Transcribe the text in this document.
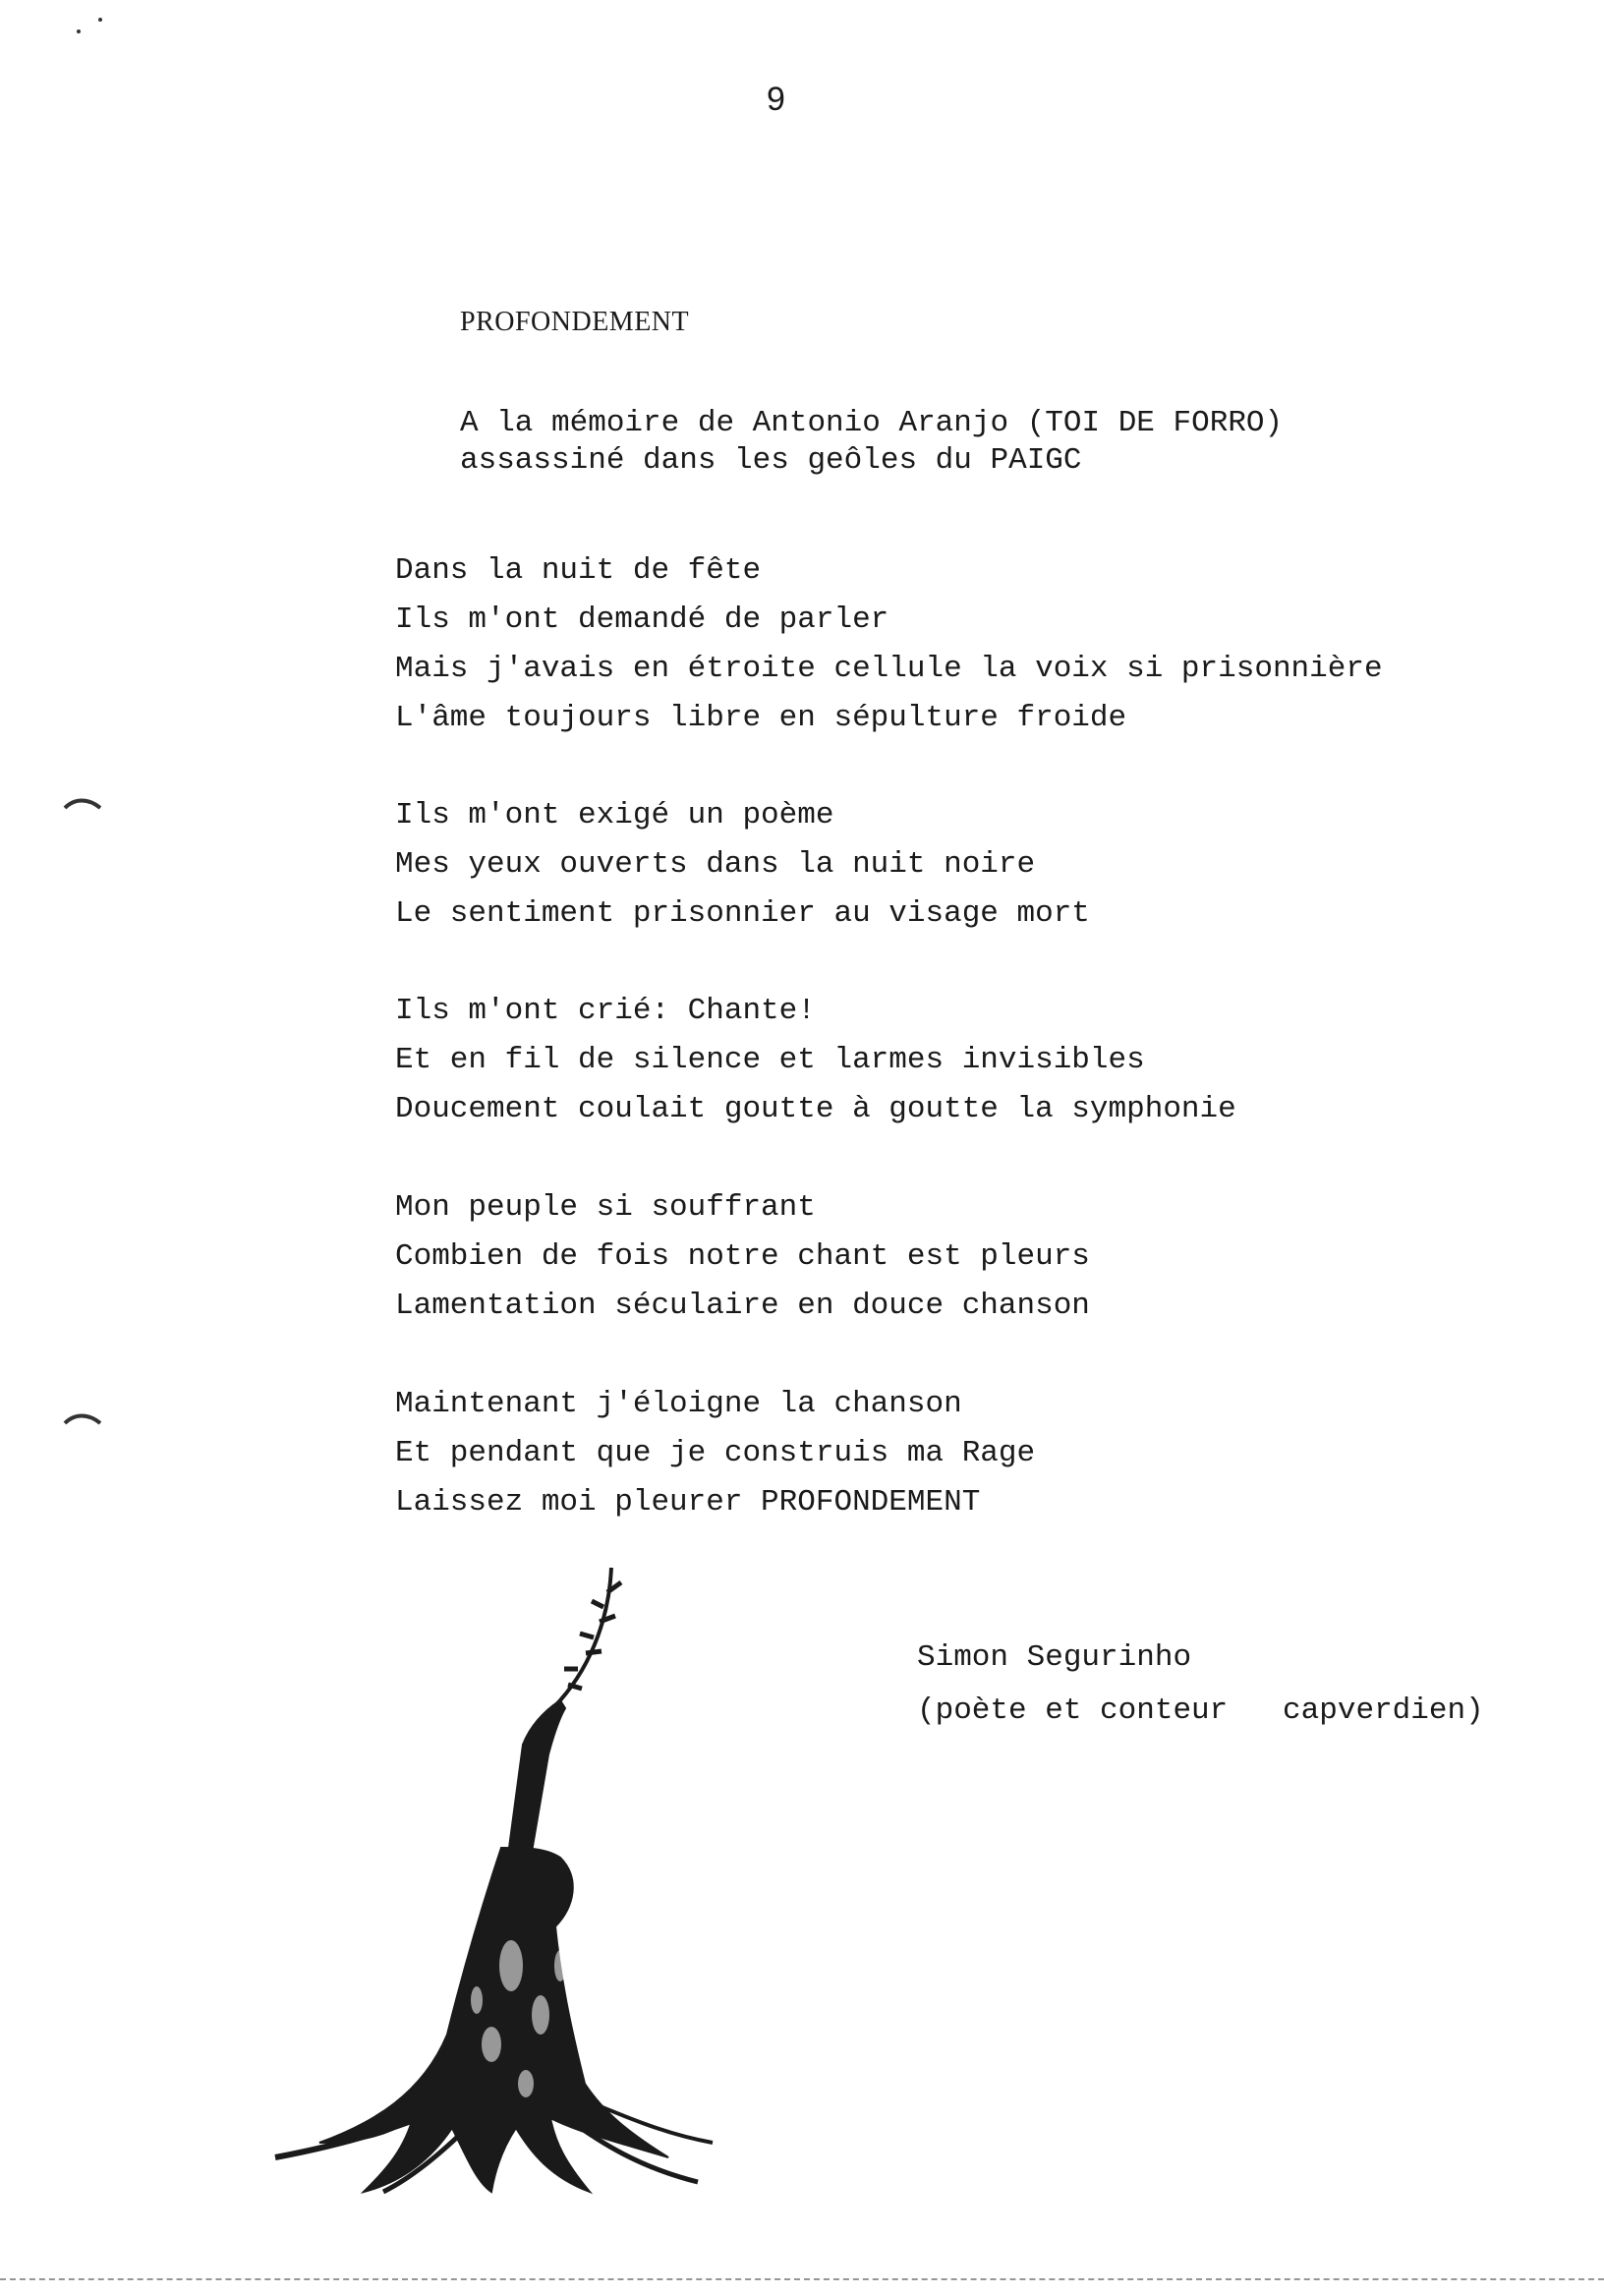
9
PROFONDEMENT
A la mémoire de Antonio Aranjo (TOI DE FORRO)
assassiné dans les geôles du PAIGC
Dans la nuit de fête
Ils m'ont demandé de parler
Mais j'avais en étroite cellule la voix si prisonnière
L'âme toujours libre en sépulture froide
Ils m'ont exigé un poème
Mes yeux ouverts dans la nuit noire
Le sentiment prisonnier au visage mort
Ils m'ont crié: Chante!
Et en fil de silence et larmes invisibles
Doucement coulait goutte à goutte la symphonie
Mon peuple si souffrant
Combien de fois notre chant est pleurs
Lamentation séculaire en douce chanson
Maintenant j'éloigne la chanson
Et pendant que je construis ma Rage
Laissez moi pleurer PROFONDEMENT
Simon Segurinho
(poète et conteur   capverdien)
